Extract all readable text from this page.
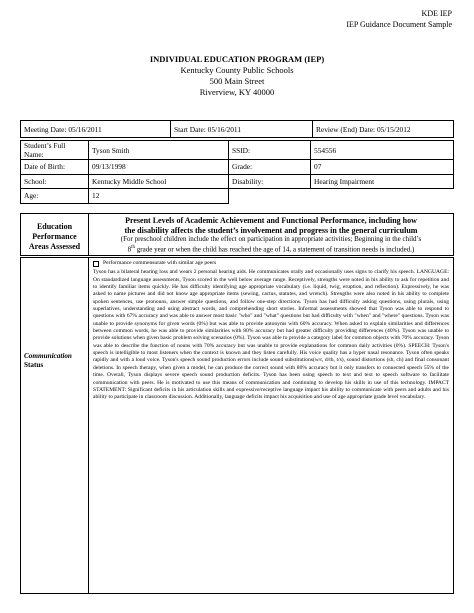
KDE IEP
IEP Guidance Document Sample
INDIVIDUAL EDUCATION PROGRAM (IEP)
Kentucky County Public Schools
500 Main Street
Riverview, KY 40000
Meeting Date: 05/16/2011	Start Date: 05/16/2011	Review (End) Date: 05/15/2012
Student’s Full Name:	Tyson Smith	SSID:	554556
Date of Birth:	09/13/1998	Grade:	07
School:	Kentucky Middle School	Disability:	Hearing Impairment
Age:	12		
Education
Performance
Areas Assessed

Present Levels of Academic Achievement and Functional Performance, including how
the disability affects the student’s involvement and progress in the general curriculum
(For preschool children include the effect on participation in appropriate activities; Beginning in the child’s
8th grade year or when the child has reached the age of 14, a statement of transition needs is included.)
Communication
Status

Performance commensurate with similar age peers
Tyson has a bilateral hearing loss and wears 2 personal hearing aids. He communicates orally and occasionally uses signs to clarify his speech. LANGUAGE: On standardized language assessments, Tyson scored in the well below average range. Receptively, strengths were noted in his ability to ask for repetition and to identify familiar items quickly. He has difficulty identifying age appropriate vocabulary (i.e. liquid, twig, eruption, and reflection). Expressively, he was asked to name pictures and did not know age appropriate items (sewing, cactus, statutes, and wrench). Strengths were also noted in his ability to complete spoken sentences, use pronouns, answer simple questions, and follow one-step directions. Tyson has had difficulty asking questions, using plurals, using superlatives, understanding and using abstract words, and comprehending short stories. Informal assessments showed that Tyson was able to respond to questions with 67% accuracy and was able to answer most basic "who" and "what" questions but had difficulty with "when" and "where" questions. Tyson was unable to provide synonyms for given words (0%) but was able to provide antonyms with 60% accuracy. When asked to explain similarities and differences between common words, he was able to provide similarities with 80% accuracy but had greater difficulty providing differences (40%). Tyson was unable to provide solutions when given basic problem solving scenarios (0%). Tyson was able to provide a category label for common objects with 70% accuracy. Tyson was able to describe the function of nouns with 70% accuracy but was unable to provide explanations for common daily activities (0%). SPEECH: Tyson's speech is intelligible to most listeners when the context is known and they listen carefully. His voice quality has a hyper nasal resonance. Tyson often speaks rapidly and with a loud voice. Tyson's speech sound production errors include sound substitutions(w/r, d/th, t/s), sound distortions (sh, ch) and final consonant deletions. In speech therapy, when given a model, he can produce the correct sound with 80% accuracy but it only transfers to connected speech 55% of the time. Overall, Tyson displays severe speech sound production deficits. Tyson has been using speech to text and text to speech software to facilitate communication with peers. He is motivated to use this means of communication and continuing to develop his skills in use of this technology. IMPACT STATEMENT: Significant deficits in his articulation skills and expressive/receptive language impact his ability to communicate with peers and adults and his ability to participate in classroom discussion. Additionally, language deficits impact his acquisition and use of age appropriate grade level vocabulary.
